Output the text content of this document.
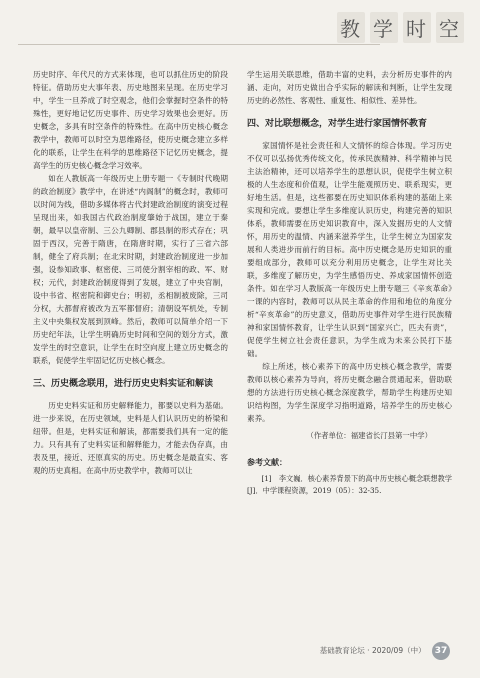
教 学 时 空

历史时序、年代尺的方式来体现，也可以抓住历史的阶段特征。借助历史大事年表、历史地图来呈现。在历史学习中，学生一旦养成了时空观念，他们会掌握时空条件的特殊性，更好地记忆历史事件、历史学习效果也会更好。历史概念，多具有时空条件的特殊性。在高中历史核心概念教学中，教师可以时空为思维路径，使历史概念建立多样化的联系，让学生在科学的思维路径下记忆历史概念，提高学生的历史核心概念学习效率。

如在人教版高一年级历史上册专题一《专制时代晚期的政治制度》教学中，在讲述“内阁制”的概念时，教师可以时间为线，借助多媒体将古代封建政治制度的演变过程呈现出来，如我国古代政治制度肇始于战国，建立于秦朝，最早以皇帝制、三公九卿制、郡县制的形式存在；巩固于西汉，完善于隋唐，在隋唐时期，实行了三省六部制，健全了府兵制；在北宋时期，封建政治制度进一步加强，设参知政事、枢密使、三司使分割宰相的政、军、财权；元代，封建政治制度得到了发展，建立了中央官制，设中书省、枢密院和御史台；明初，丞相制被废除，三司分权，大都督府被改为五军都督府；清朝设军机处，专制主义中央集权发展到顶峰。然后，教师可以简单介绍一下历史纪年法，让学生明确历史时间和空间的划分方式，激发学生的时空意识，让学生在时空向度上建立历史概念的联系，促使学生牢固记忆历史核心概念。

三、历史概念联用，进行历史史料实证和解读

历史史料实证和历史解释能力，都要以史料为基础。进一步来说，在历史领域，史料是人们认识历史的桥梁和纽带。但是，史料实证和解读，都需要我们具有一定的能力。只有具有了史料实证和解释能力，才能去伪存真，由表及里，接近、还原真实的历史。历史概念是最直实、客观的历史真相。在高中历史教学中，教师可以让

学生运用关联思维，借助丰富的史料，去分析历史事件的内涵、走向，对历史做出合乎实际的解读和判断，让学生发现历史的必然性、客观性、重复性、相似性、差异性。

四、对比联想概念，对学生进行家国情怀教育

家国情怀是社会责任和人文情怀的综合体现。学习历史不仅可以弘扬优秀传统文化，传承民族精神、科学精神与民主法治精神，还可以培养学生的思想认识，促使学生树立积极的人生态度和价值观，让学生能观照历史、联系现实，更好地生活。但是，这些都要在历史知识体系构建的基础上来实现和完成。要想让学生多维度认识历史，构建完善的知识体系，教师需要在历史知识教育中，深入发掘历史的人文情怀，用历史的温情、内涵来滋养学生，让学生树立为国家发展和人类进步而前行的目标。高中历史概念是历史知识的重要组成部分，教师可以充分利用历史概念，让学生对比关联，多维度了解历史，为学生感悟历史、养成家国情怀创造条件。如在学习人教版高一年级历史上册专题三《辛亥革命》一课的内容时，教师可以从民主革命的作用和地位的角度分析“辛亥革命”的历史意义，借助历史事件对学生进行民族精神和家国情怀教育，让学生认识到“国家兴亡，匹夫有责”，促使学生树立社会责任意识，为学生成为未来公民打下基础。

综上所述，核心素养下的高中历史核心概念教学，需要教师以核心素养为导向，将历史概念融合贯通起来，借助联想的方法进行历史核心概念深度教学，帮助学生构建历史知识结构图，为学生深度学习指明道路，培养学生的历史核心素养。

（作者单位：福建省长汀县第一中学）
参考文献：

[1]　李文巍．核心素养背景下的高中历史核心概念联想教学[J]．中学课程资源，2019（05）：32-35.

基础教育论坛 · 2020/09（中） 37
